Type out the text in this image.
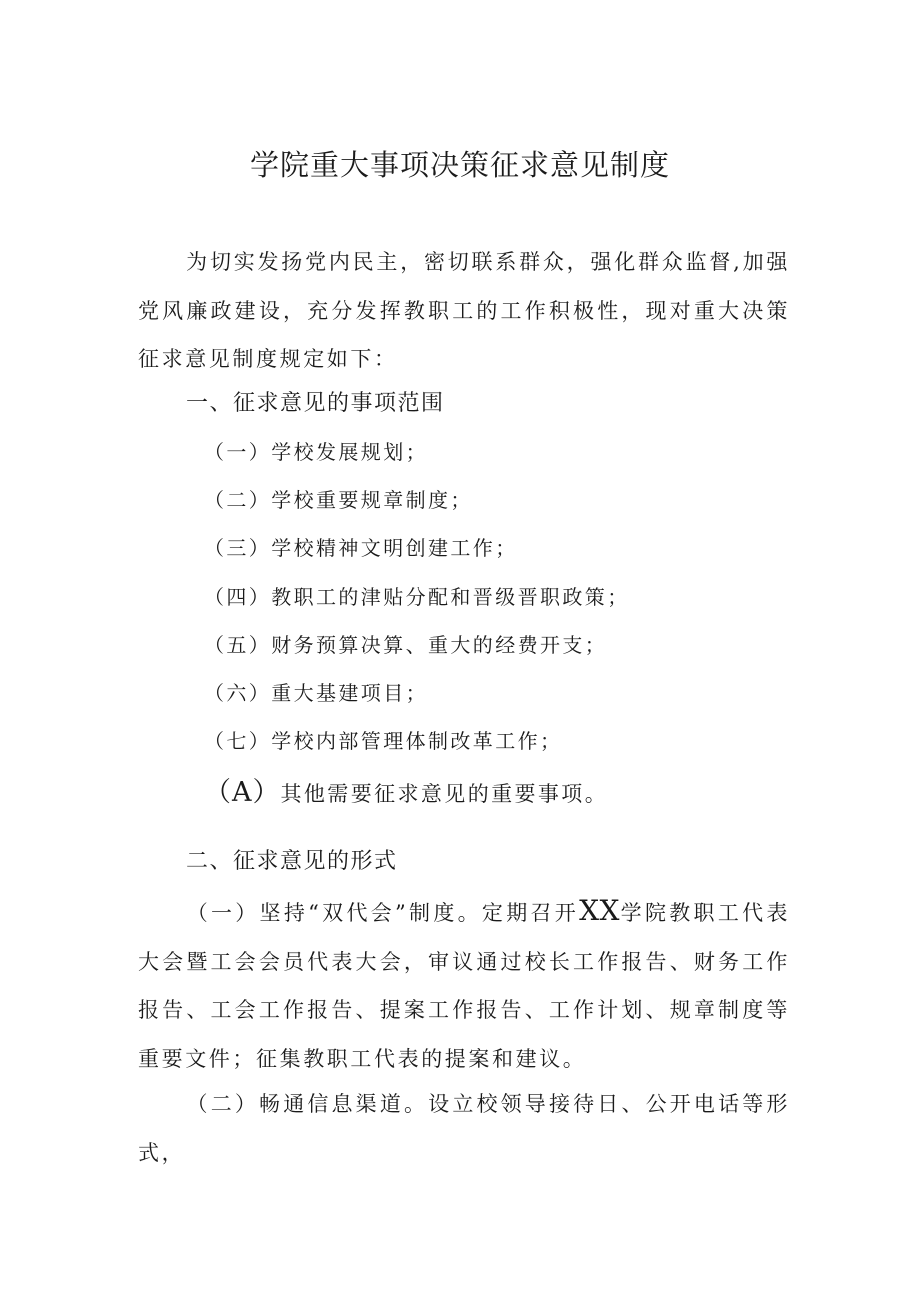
学院重大事项决策征求意见制度
为切实发扬党内民主，密切联系群众，强化群众监督,加强党风廉政建设，充分发挥教职工的工作积极性，现对重大决策征求意见制度规定如下：
一、征求意见的事项范围
（一）学校发展规划；
（二）学校重要规章制度；
（三）学校精神文明创建工作；
（四）教职工的津贴分配和晋级晋职政策；
（五）财务预算决算、重大的经费开支；
（六）重大基建项目；
（七）学校内部管理体制改革工作；
（A）其他需要征求意见的重要事项。
二、征求意见的形式
（一）坚持“双代会”制度。定期召开XX学院教职工代表大会暨工会会员代表大会，审议通过校长工作报告、财务工作报告、工会工作报告、提案工作报告、工作计划、规章制度等重要文件；征集教职工代表的提案和建议。
（二）畅通信息渠道。设立校领导接待日、公开电话等形式，
